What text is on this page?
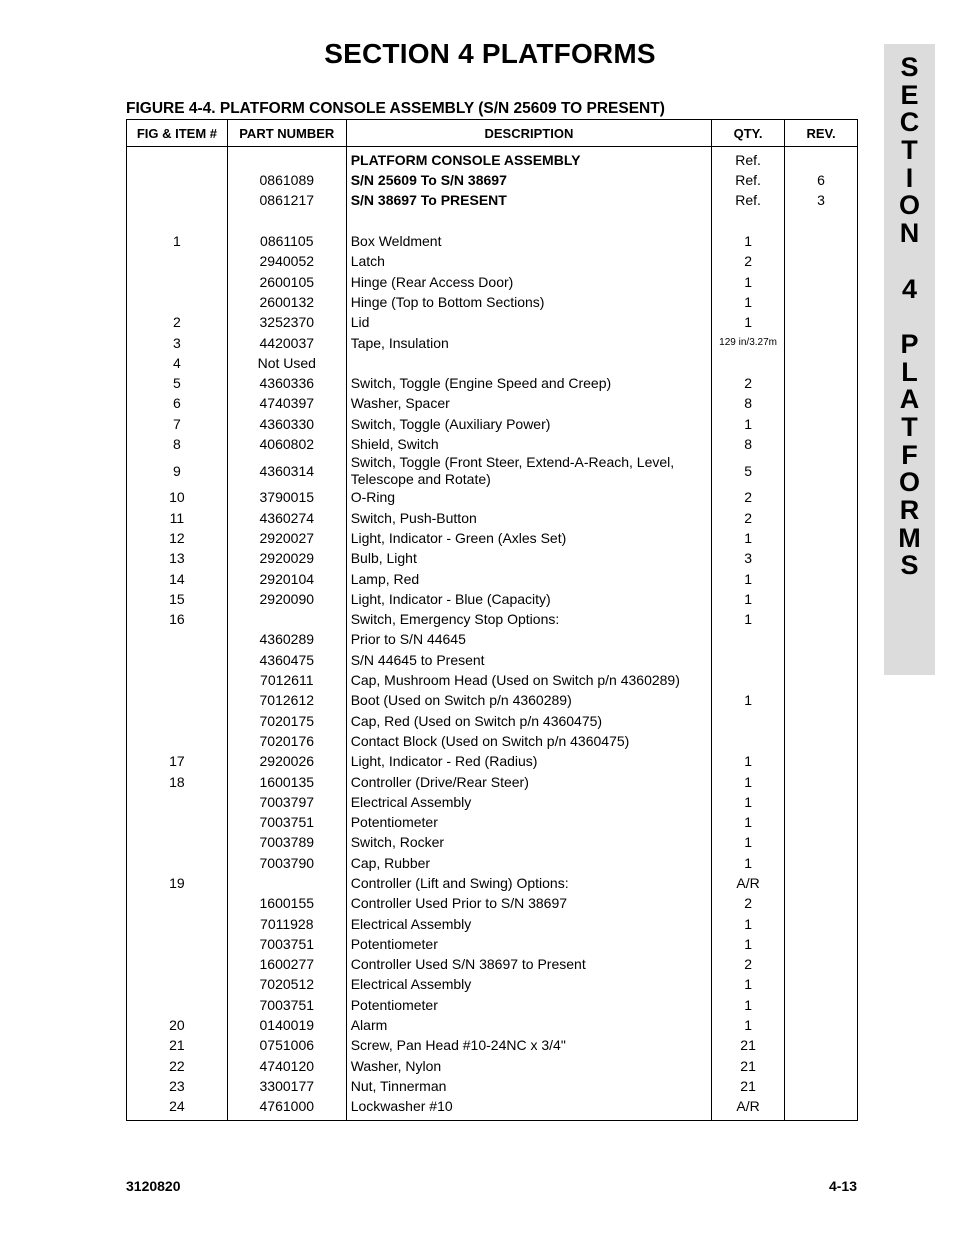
SECTION 4 PLATFORMS
FIGURE 4-4. PLATFORM CONSOLE ASSEMBLY (S/N 25609 TO PRESENT)
S
E
C
T
I
O
N
4
P
L
A
T
F
O
R
M
S
FIG & ITEM #	PART NUMBER	DESCRIPTION	QTY.	REV.
		PLATFORM CONSOLE ASSEMBLY	Ref.	
	0861089	S/N 25609 To S/N 38697	Ref.	6
	0861217	S/N 38697 To PRESENT	Ref.	3

1	0861105	Box Weldment	1	
	2940052	Latch	2	
	2600105	Hinge (Rear Access Door)	1	
	2600132	Hinge (Top to Bottom Sections)	1	
2	3252370	Lid	1	
3	4420037	Tape, Insulation	129 in/3.27m	
4	Not Used			
5	4360336	Switch, Toggle (Engine Speed and Creep)	2	
6	4740397	Washer, Spacer	8	
7	4360330	Switch, Toggle (Auxiliary Power)	1	
8	4060802	Shield, Switch	8	
9	4360314	Switch, Toggle (Front Steer, Extend-A-Reach, Level, Telescope and Rotate)	5	
10	3790015	O-Ring	2	
11	4360274	Switch, Push-Button	2	
12	2920027	Light, Indicator - Green (Axles Set)	1	
13	2920029	Bulb, Light	3	
14	2920104	Lamp, Red	1	
15	2920090	Light, Indicator - Blue (Capacity)	1	
16		Switch, Emergency Stop Options:	1	
	4360289	Prior to S/N 44645		
	4360475	S/N 44645 to Present		
	7012611	Cap, Mushroom Head (Used on Switch p/n 4360289)		
	7012612	Boot (Used on Switch p/n 4360289)	1	
	7020175	Cap, Red (Used on Switch p/n 4360475)		
	7020176	Contact Block (Used on Switch p/n 4360475)		
17	2920026	Light, Indicator - Red (Radius)	1	
18	1600135	Controller (Drive/Rear Steer)	1	
	7003797	Electrical Assembly	1	
	7003751	Potentiometer	1	
	7003789	Switch, Rocker	1	
	7003790	Cap, Rubber	1	
19		Controller (Lift and Swing) Options:	A/R	
	1600155	Controller Used Prior to S/N 38697	2	
	7011928	Electrical Assembly	1	
	7003751	Potentiometer	1	
	1600277	Controller Used S/N 38697 to Present	2	
	7020512	Electrical Assembly	1	
	7003751	Potentiometer	1	
20	0140019	Alarm	1	
21	0751006	Screw, Pan Head #10-24NC x 3/4"	21	
22	4740120	Washer, Nylon	21	
23	3300177	Nut, Tinnerman	21	
24	4761000	Lockwasher #10	A/R	
3120820	4-13
